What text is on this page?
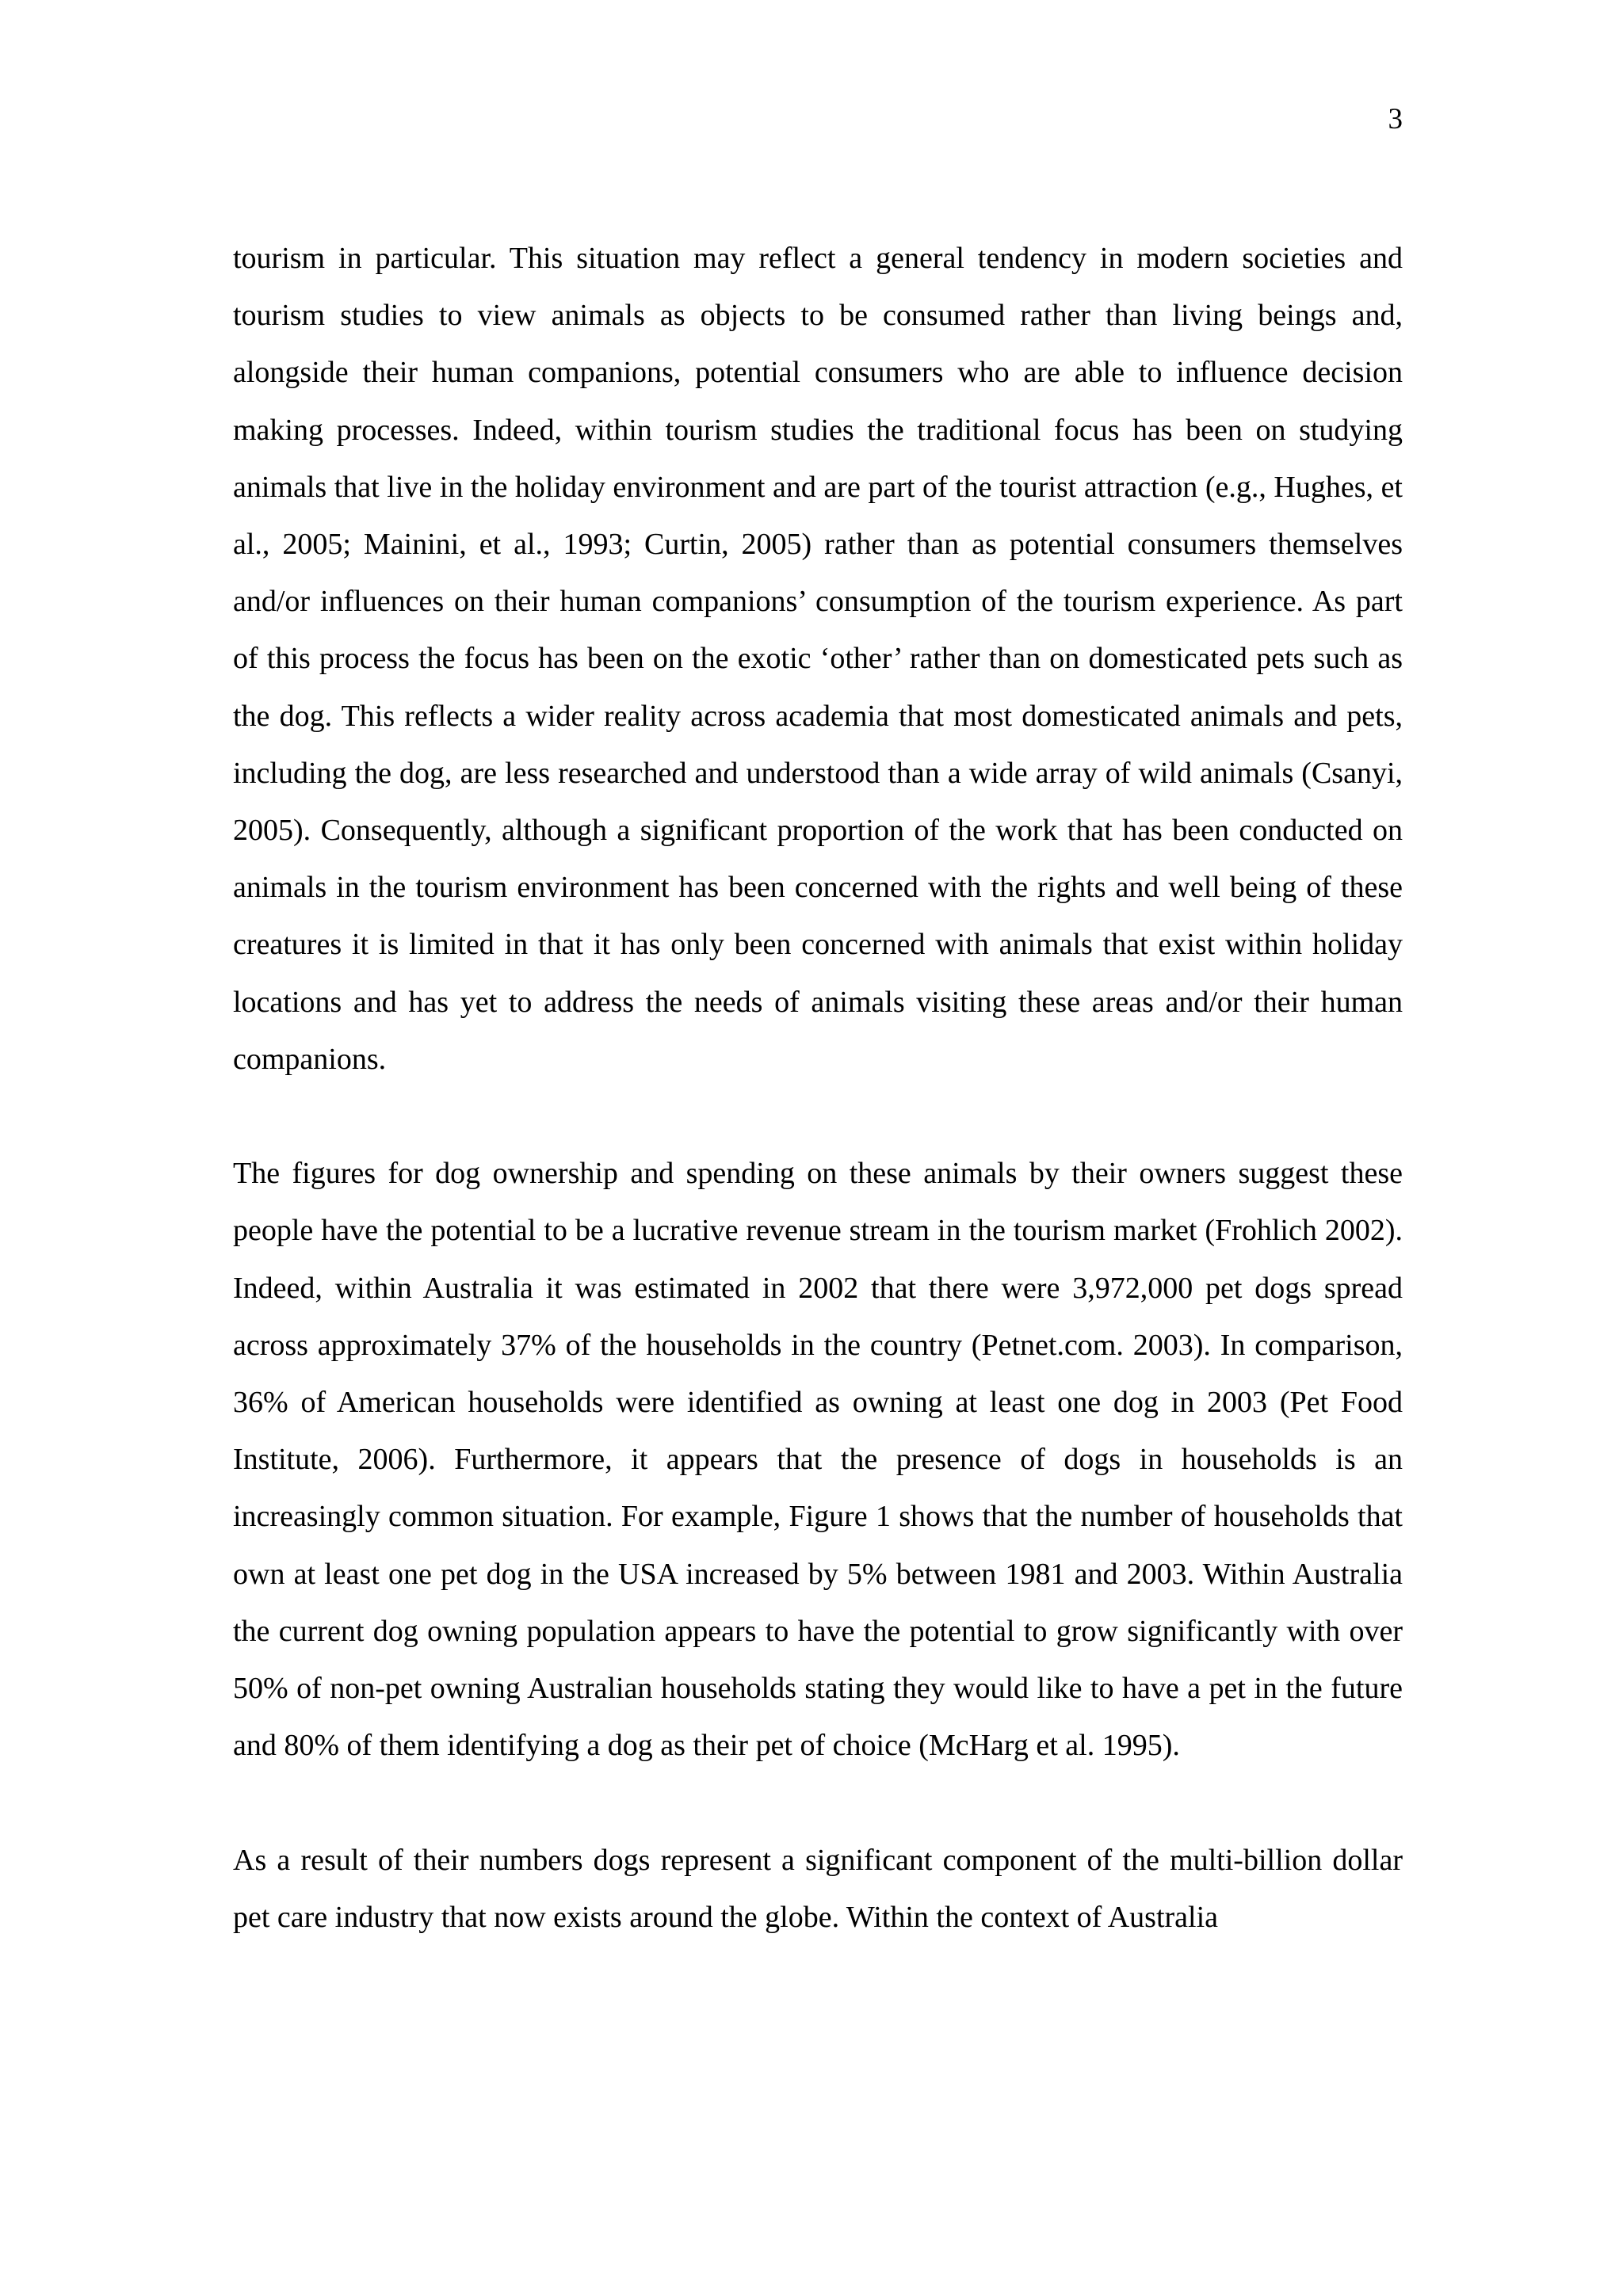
3

tourism in particular. This situation may reflect a general tendency in modern societies and tourism studies to view animals as objects to be consumed rather than living beings and, alongside their human companions, potential consumers who are able to influence decision making processes. Indeed, within tourism studies the traditional focus has been on studying animals that live in the holiday environment and are part of the tourist attraction (e.g., Hughes, et al., 2005; Mainini, et al., 1993; Curtin, 2005) rather than as potential consumers themselves and/or influences on their human companions’ consumption of the tourism experience. As part of this process the focus has been on the exotic ‘other’ rather than on domesticated pets such as the dog. This reflects a wider reality across academia that most domesticated animals and pets, including the dog, are less researched and understood than a wide array of wild animals (Csanyi, 2005). Consequently, although a significant proportion of the work that has been conducted on animals in the tourism environment has been concerned with the rights and well being of these creatures it is limited in that it has only been concerned with animals that exist within holiday locations and has yet to address the needs of animals visiting these areas and/or their human companions.

The figures for dog ownership and spending on these animals by their owners suggest these people have the potential to be a lucrative revenue stream in the tourism market (Frohlich 2002). Indeed, within Australia it was estimated in 2002 that there were 3,972,000 pet dogs spread across approximately 37% of the households in the country (Petnet.com. 2003). In comparison, 36% of American households were identified as owning at least one dog in 2003 (Pet Food Institute, 2006). Furthermore, it appears that the presence of dogs in households is an increasingly common situation. For example, Figure 1 shows that the number of households that own at least one pet dog in the USA increased by 5% between 1981 and 2003. Within Australia the current dog owning population appears to have the potential to grow significantly with over 50% of non-pet owning Australian households stating they would like to have a pet in the future and 80% of them identifying a dog as their pet of choice (McHarg et al. 1995).

As a result of their numbers dogs represent a significant component of the multi-billion dollar pet care industry that now exists around the globe. Within the context of Australia
